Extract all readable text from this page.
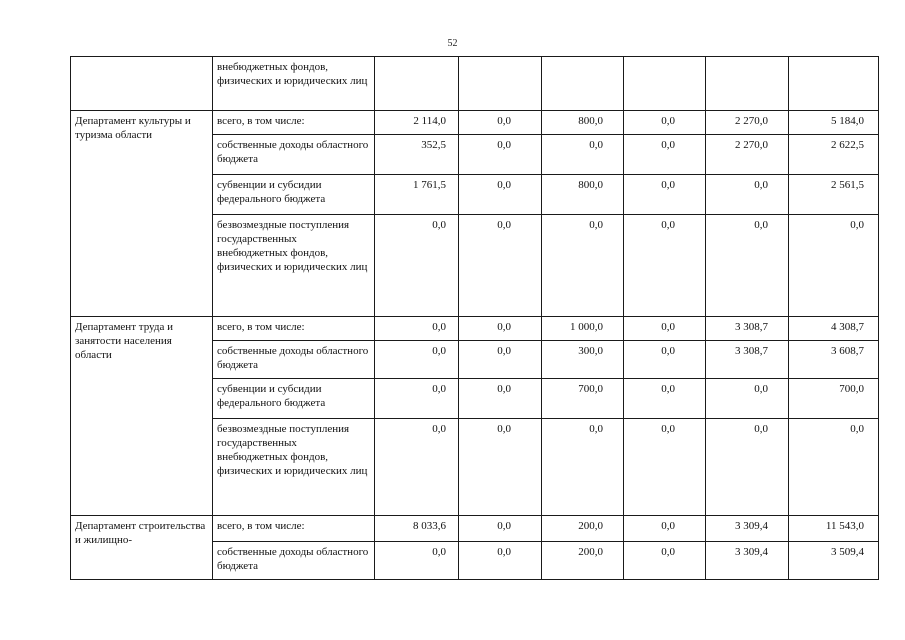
52
	внебюджетных фондов, физических и юридических лиц						
Департамент культуры и туризма области	всего, в том числе:	2 114,0	0,0	800,0	0,0	2 270,0	5 184,0
	собственные доходы областного бюджета	352,5	0,0	0,0	0,0	2 270,0	2 622,5
	субвенции и субсидии федерального бюджета	1 761,5	0,0	800,0	0,0	0,0	2 561,5
	безвозмездные поступления государственных внебюджетных фондов, физических и юридических лиц	0,0	0,0	0,0	0,0	0,0	0,0
Департамент труда и занятости населения области	всего, в том числе:	0,0	0,0	1 000,0	0,0	3 308,7	4 308,7
	собственные доходы областного бюджета	0,0	0,0	300,0	0,0	3 308,7	3 608,7
	субвенции и субсидии федерального бюджета	0,0	0,0	700,0	0,0	0,0	700,0
	безвозмездные поступления государственных внебюджетных фондов, физических и юридических лиц	0,0	0,0	0,0	0,0	0,0	0,0
Департамент строительства и жилищно-	всего, в том числе:	8 033,6	0,0	200,0	0,0	3 309,4	11 543,0
	собственные доходы областного бюджета	0,0	0,0	200,0	0,0	3 309,4	3 509,4
